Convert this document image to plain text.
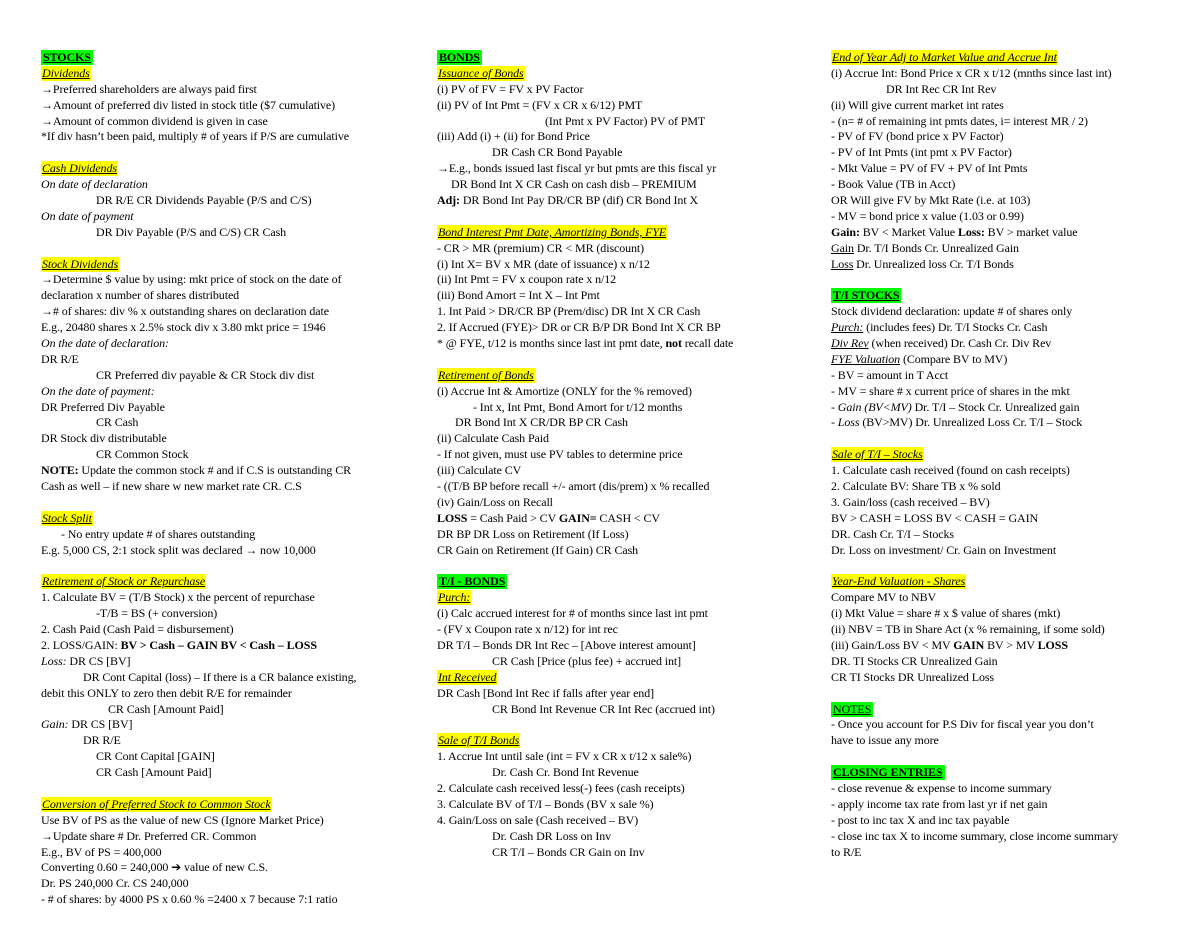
STOCKS
Dividends
→Preferred shareholders are always paid first
→Amount of preferred div listed in stock title ($7 cumulative)
→Amount of common dividend is given in case
*If div hasn’t been paid, multiply # of years if P/S are cumulative
Cash Dividends
On date of declaration
DR R/E CR Dividends Payable (P/S and C/S)
On date of payment
DR Div Payable (P/S and C/S) CR Cash
Stock Dividends
→Determine $ value by using: mkt price of stock on the date of
declaration x number of shares distributed
→# of shares: div % x outstanding shares on declaration date
E.g., 20480 shares x 2.5% stock div x 3.80 mkt price = 1946
On the date of declaration:
DR R/E
CR Preferred div payable & CR Stock div dist
On the date of payment:
DR Preferred Div Payable
CR Cash
DR Stock div distributable
CR Common Stock
NOTE: Update the common stock # and if C.S is outstanding CR
Cash as well – if new share w new market rate CR. C.S
Stock Split
- No entry update # of shares outstanding
E.g. 5,000 CS, 2:1 stock split was declared → now 10,000
Retirement of Stock or Repurchase
1. Calculate BV = (T/B Stock) x the percent of repurchase
-T/B = BS (+ conversion)
2. Cash Paid (Cash Paid = disbursement)
2. LOSS/GAIN: BV > Cash – GAIN BV < Cash – LOSS
Loss: DR CS [BV]
DR Cont Capital (loss) – If there is a CR balance existing,
debit this ONLY to zero then debit R/E for remainder
CR Cash [Amount Paid]
Gain: DR CS [BV]
DR R/E
CR Cont Capital [GAIN]
CR Cash [Amount Paid]
Conversion of Preferred Stock to Common Stock
Use BV of PS as the value of new CS (Ignore Market Price)
→Update share # Dr. Preferred CR. Common
E.g., BV of PS = 400,000
Converting 0.60 = 240,000 ➔ value of new C.S.
Dr. PS 240,000 Cr. CS 240,000
- # of shares: by 4000 PS x 0.60 % =2400 x 7 because 7:1 ratio
BONDS
Issuance of Bonds
(i) PV of FV = FV x PV Factor
(ii) PV of Int Pmt = (FV x CR x 6/12) PMT
(Int Pmt x PV Factor) PV of PMT
(iii) Add (i) + (ii) for Bond Price
DR Cash CR Bond Payable
→E.g., bonds issued last fiscal yr but pmts are this fiscal yr
DR Bond Int X CR Cash on cash disb – PREMIUM
Adj: DR Bond Int Pay DR/CR BP (dif) CR Bond Int X
Bond Interest Pmt Date, Amortizing Bonds, FYE
- CR > MR (premium) CR < MR (discount)
(i) Int X= BV x MR (date of issuance) x n/12
(ii) Int Pmt = FV x coupon rate x n/12
(iii) Bond Amort = Int X – Int Pmt
1. Int Paid > DR/CR BP (Prem/disc) DR Int X CR Cash
2. If Accrued (FYE)> DR or CR B/P DR Bond Int X CR BP
* @ FYE, t/12 is months since last int pmt date, not recall date
Retirement of Bonds
(i) Accrue Int & Amortize (ONLY for the % removed)
- Int x, Int Pmt, Bond Amort for t/12 months
DR Bond Int X CR/DR BP CR Cash
(ii) Calculate Cash Paid
- If not given, must use PV tables to determine price
(iii) Calculate CV
- ((T/B BP before recall +/- amort (dis/prem) x % recalled
(iv) Gain/Loss on Recall
LOSS = Cash Paid > CV GAIN= CASH < CV
DR BP DR Loss on Retirement (If Loss)
CR Gain on Retirement (If Gain) CR Cash
T/I - BONDS
Purch:
(i) Calc accrued interest for # of months since last int pmt
- (FV x Coupon rate x n/12) for int rec
DR T/I – Bonds DR Int Rec – [Above interest amount]
CR Cash [Price (plus fee) + accrued int]
Int Received
DR Cash [Bond Int Rec if falls after year end]
CR Bond Int Revenue CR Int Rec (accrued int)
Sale of T/I Bonds
1. Accrue Int until sale (int = FV x CR x t/12 x sale%)
Dr. Cash Cr. Bond Int Revenue
2. Calculate cash received less(-) fees (cash receipts)
3. Calculate BV of T/I – Bonds (BV x sale %)
4. Gain/Loss on sale (Cash received – BV)
Dr. Cash DR Loss on Inv
CR T/I – Bonds CR Gain on Inv
End of Year Adj to Market Value and Accrue Int
(i) Accrue Int: Bond Price x CR x t/12 (mnths since last int)
DR Int Rec CR Int Rev
(ii) Will give current market int rates
- (n= # of remaining int pmts dates, i= interest MR / 2)
- PV of FV (bond price x PV Factor)
- PV of Int Pmts (int pmt x PV Factor)
- Mkt Value = PV of FV + PV of Int Pmts
- Book Value (TB in Acct)
OR Will give FV by Mkt Rate (i.e. at 103)
- MV = bond price x value (1.03 or 0.99)
Gain: BV < Market Value Loss: BV > market value
Gain Dr. T/I Bonds Cr. Unrealized Gain
Loss Dr. Unrealized loss Cr. T/I Bonds
T/I STOCKS
Stock dividend declaration: update # of shares only
Purch: (includes fees) Dr. T/I Stocks Cr. Cash
Div Rev (when received) Dr. Cash Cr. Div Rev
FYE Valuation (Compare BV to MV)
- BV = amount in T Acct
- MV = share # x current price of shares in the mkt
- Gain (BV<MV) Dr. T/I – Stock Cr. Unrealized gain
- Loss (BV>MV) Dr. Unrealized Loss Cr. T/I – Stock
Sale of T/I – Stocks
1. Calculate cash received (found on cash receipts)
2. Calculate BV: Share TB x % sold
3. Gain/loss (cash received – BV)
BV > CASH = LOSS BV < CASH = GAIN
DR. Cash Cr. T/I – Stocks
Dr. Loss on investment/ Cr. Gain on Investment
Year-End Valuation - Shares
Compare MV to NBV
(i) Mkt Value = share # x $ value of shares (mkt)
(ii) NBV = TB in Share Act (x % remaining, if some sold)
(iii) Gain/Loss BV < MV GAIN BV > MV LOSS
DR. TI Stocks CR Unrealized Gain
CR TI Stocks DR Unrealized Loss
NOTES
- Once you account for P.S Div for fiscal year you don’t
have to issue any more
CLOSING ENTRIES
- close revenue & expense to income summary
- apply income tax rate from last yr if net gain
- post to inc tax X and inc tax payable
- close inc tax X to income summary, close income summary
to R/E
